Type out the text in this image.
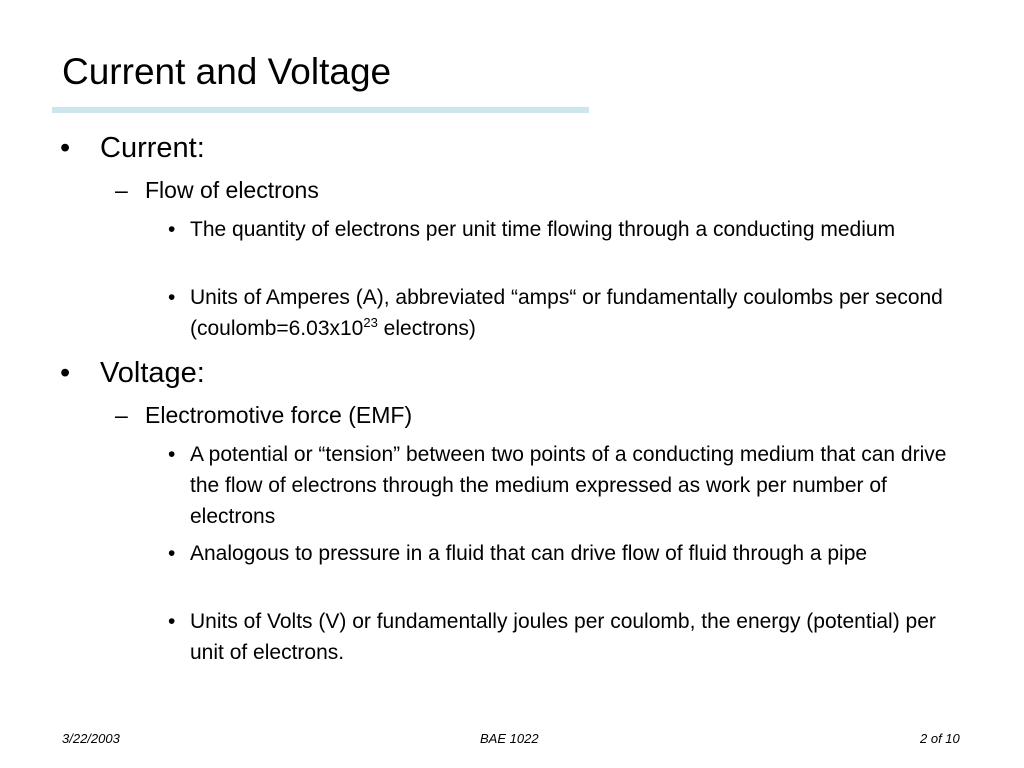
Current and Voltage
• Current:
– Flow of electrons
• The quantity of electrons per unit time flowing through a conducting medium
• Units of Amperes (A), abbreviated “amps“ or fundamentally coulombs per second ($coulomb=6.03x10^{23}$ electrons)
• Voltage:
– Electromotive force (EMF)
• A potential or “tension” between two points of a conducting medium that can drive the flow of electrons through the medium expressed as work per number of electrons
• Analogous to pressure in a fluid that can drive flow of fluid through a pipe
• Units of Volts (V) or fundamentally joules per coulomb, the energy (potential) per unit of electrons.
3/22/2003	BAE 1022	2 of 10
